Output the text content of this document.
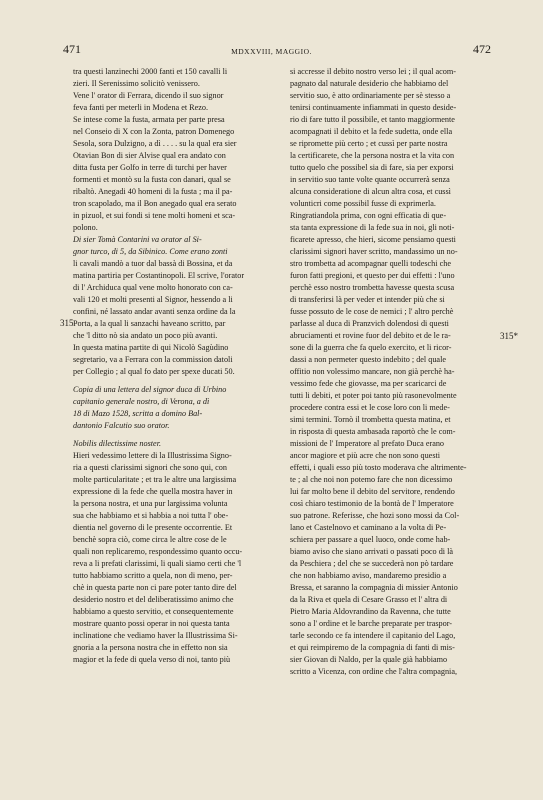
471	MDXXVIII, MAGGIO.	472
315
315*
tra questi lanzinechi 2000 fanti et 150 cavalli li
zieri. Il Serenissimo solicitò venissero.
Vene l' orator di Ferrara, dicendo il suo signor
feva fanti per meterli in Modena et Rezo.
Se intese come la fusta, armata per parte presa
nel Conseio di X con la Zonta, patron Domenego
Sesola, sora Dulzigno, a dì . . . . su la qual era sier
Otavian Bon di sier Alvise qual era andato con
ditta fusta per Golfo in terre di turchi per haver
formenti et montò su la fusta con danari, qual se
ribaltò. Anegadi 40 homeni di la fusta ; ma il pa-
tron scapolado, ma il Bon anegado qual era serato
in pizuol, et sui fondi si tene molti homeni et sca-
polono.
Di sier Tomà Contarini va orator al Si-
gnor turco, di 5, da Sibinico. Come erano zonti
li cavali mandò a tuor dal bassà di Bossina, et da
matina partiria per Costantinopoli. El scrive, l'orator
di l' Archiduca qual vene molto honorato con ca-
vali 120 et molti presenti al Signor, hessendo a li
confini, né lassato andar avanti senza ordine da la
Porta, a la qual li sanzachi haveano scritto, par
che 'l ditto nò sia andato un poco più avanti.
In questa matina partite di qui Nicolò Sagùdino
segretario, va a Ferrara con la commission datoli
per Collegio ; al qual fo dato per spexe ducati 50.
Copia di una lettera del signor duca di Urbino
capitanio generale nostro, di Verona, a dì
18 di Mazo 1528, scritta a domino Bal-
dantonio Falcutio suo orator.
Nobilis dilectissime noster.
Hieri vedessimo lettere di la Illustrissima Signo-
ria a questi clarissimi signori che sono qui, con
molte particularitate ; et tra le altre una largissima
expressione di la fede che quella mostra haver in
la persona nostra, et una pur largissima volunta
sua che habbiamo et si habbia a noi tutta l' obe-
dientia nel governo di le presente occorrentie. Et
benchè sopra ciò, come circa le altre cose de le
quali non replicaremo, respondessimo quanto occu-
reva a li prefati clarissimi, li quali siamo certi che 'l
tutto habbiamo scritto a quela, non di meno, per-
chè in questa parte non ci pare poter tanto dire del
desiderio nostro et del deliberatissimo animo che
habbiamo a questo servitio, et consequentemente
mostrare quanto possi operar in noi questa tanta
inclinatione che vediamo haver la Illustrissima Si-
gnoria a la persona nostra che in effetto non sia
magior et la fede di quela verso di noi, tanto più
si accresse il debito nostro verso lei ; il qual acom-
pagnato dal naturale desiderio che habbiamo del
servitio suo, è atto ordinariamente per sè stesso a
tenirsi continuamente infiammati in questo deside-
rio di fare tutto il possibile, et tanto maggiormente
acompagnati il debito et la fede sudetta, onde ella
se ripromette più certo ; et cussì per parte nostra
la certificarete, che la persona nostra et la vita con
tutto quelo che possibel sia di fare, sia per exporsi
in servitio suo tante volte quante occurrerà senza
alcuna consideratione di alcun altra cosa, et cussì
volunticri come possibil fusse di exprimerla.
Ringratiandola prima, con ogni efficatia di que-
sta tanta expressione di la fede sua in noi, gli noti-
ficarete apresso, che hieri, sicome pensiamo questi
clarissimi signori haver scritto, mandassimo un no-
stro trombetta ad acompagnar quelli todeschi che
furon fatti pregioni, et questo per dui effetti : l'uno
perchè esso nostro trombetta havesse questa scusa
di transferirsi là per veder et intender più che si
fusse possuto de le cose de nemici ; l' altro perchè
parlasse al duca di Pranzvich dolendosi di questi
abruciamenti et rovine fuor del debito et de le ra-
sone di la guerra che fa quelo exercito, et li ricor-
dassi a non permeter questo indebito ; del quale
offitio non volessimo mancare, non già perchè ha-
vessimo fede che giovasse, ma per scaricarci de
tutti li debiti, et poter poi tanto più rasonevolmente
procedere contra essi et le cose loro con li mede-
simi termini. Tornò il trombetta questa matina, et
in risposta di questa ambasada raportò che le com-
missioni de l' Imperatore al prefato Duca erano
ancor magiore et più acre che non sono questi
effetti, i quali esso più tosto moderava che altrimente-
te ; al che noi non potemo fare che non dicessimo
lui far molto bene il debito del servitore, rendendo
così chiaro testimonio de la bontà de l' Imperatore
suo patrone. Referisse, che hozi sono mossi da Col-
lano et Castelnovo et caminano a la volta di Pe-
schiera per passare a quel luoco, onde come hab-
biamo aviso che siano arrivati o passati poco di là
da Peschiera ; del che se succederà non pò tardare
che non habbiamo aviso, mandaremo presidio a
Bressa, et saranno la compagnia di missier Antonio
da la Riva et quela di Cesare Grasso et l' altra di
Pietro Maria Aldovrandino da Ravenna, che tutte
sono a l' ordine et le barche preparate per traspor-
tarle secondo ce fa intendere il capitanio del Lago,
et qui reimpiremo de la compagnia di fanti di mis-
sier Giovan di Naldo, per la quale già habbiamo
scritto a Vicenza, con ordine che l'altra compagnia,
